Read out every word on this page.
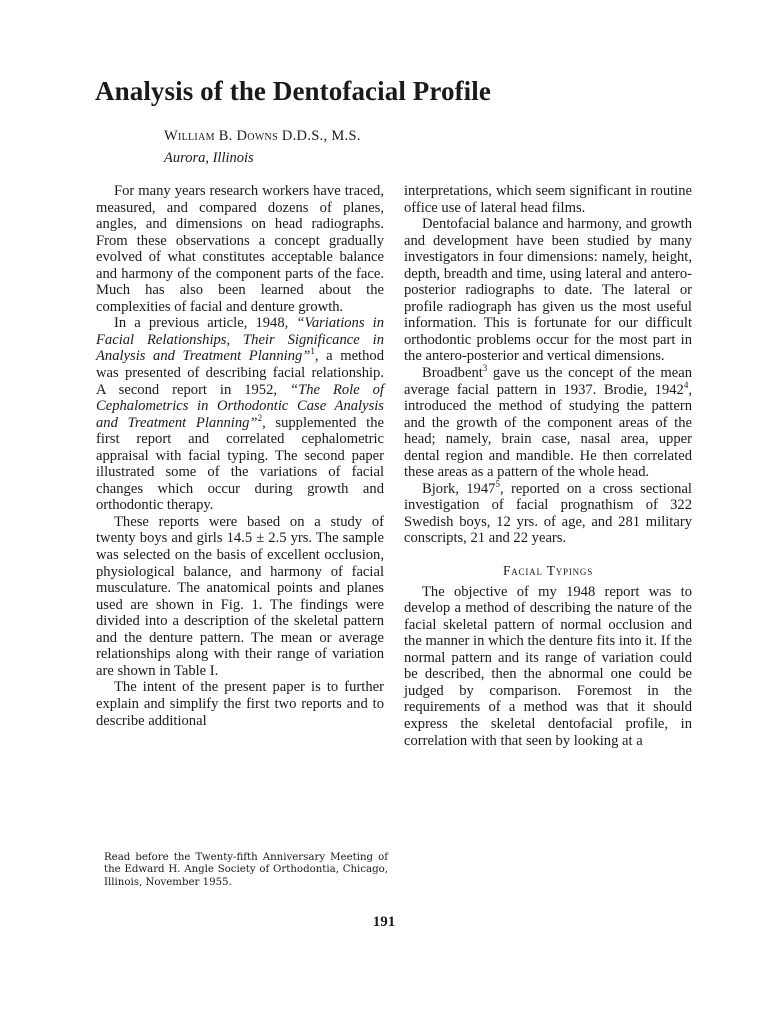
Analysis of the Dentofacial Profile
William B. Downs D.D.S., M.S.
Aurora, Illinois

For many years research workers have traced, measured, and compared dozens of planes, angles, and dimensions on head radiographs. From these observations a concept gradually evolved of what constitutes acceptable balance and harmony of the component parts of the face. Much has also been learned about the complexities of facial and denture growth.

In a previous article, 1948, “Variations in Facial Relationships, Their Significance in Analysis and Treatment Planning”$^1$, a method was presented of describing facial relationship. A second report in 1952, “The Role of Cephalometrics in Orthodontic Case Analysis and Treatment Planning”$^2$, supplemented the first report and correlated cephalometric appraisal with facial typing. The second paper illustrated some of the variations of facial changes which occur during growth and orthodontic therapy.

These reports were based on a study of twenty boys and girls 14.5 ± 2.5 yrs. The sample was selected on the basis of excellent occlusion, physiological balance, and harmony of facial musculature. The anatomical points and planes used are shown in Fig. 1. The findings were divided into a description of the skeletal pattern and the denture pattern. The mean or average relationships along with their range of variation are shown in Table I.

The intent of the present paper is to further explain and simplify the first two reports and to describe additional

interpretations, which seem significant in routine office use of lateral head films.

Dentofacial balance and harmony, and growth and development have been studied by many investigators in four dimensions: namely, height, depth, breadth and time, using lateral and antero-posterior radiographs to date. The lateral or profile radiograph has given us the most useful information. This is fortunate for our difficult orthodontic problems occur for the most part in the antero-posterior and vertical dimensions.

Broadbent$^3$ gave us the concept of the mean average facial pattern in 1937. Brodie, 1942$^4$, introduced the method of studying the pattern and the growth of the component areas of the head; namely, brain case, nasal area, upper dental region and mandible. He then correlated these areas as a pattern of the whole head.

Bjork, 1947$^5$, reported on a cross sectional investigation of facial prognathism of 322 Swedish boys, 12 yrs. of age, and 281 military conscripts, 21 and 22 years.

Facial Typings

The objective of my 1948 report was to develop a method of describing the nature of the facial skeletal pattern of normal occlusion and the manner in which the denture fits into it. If the normal pattern and its range of variation could be described, then the abnormal one could be judged by comparison. Foremost in the requirements of a method was that it should express the skeletal dentofacial profile, in correlation with that seen by looking at a

Read before the Twenty-fifth Anniversary Meeting of the Edward H. Angle Society of Orthodontia, Chicago, Illinois, November 1955.

191
